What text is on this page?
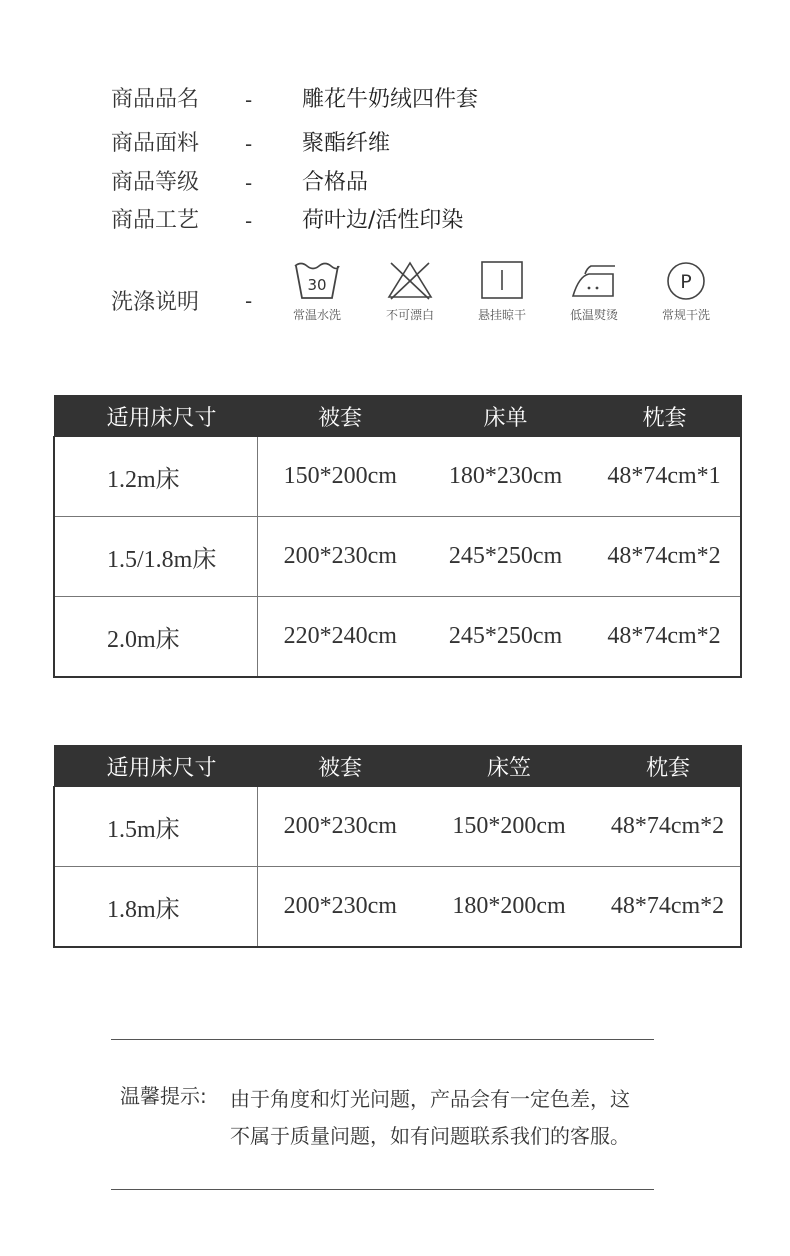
商品品名 - 雕花牛奶绒四件套
商品面料 - 聚酯纤维
商品等级 - 合格品
商品工艺 - 荷叶边/活性印染
洗涤说明 -
30
常温水洗	不可漂白	悬挂晾干	低温熨烫
P
常规干洗
适用床尺寸	被套	床单	枕套
1.2m床	150*200cm	180*230cm	48*74cm*1
1.5/1.8m床	200*230cm	245*250cm	48*74cm*2
2.0m床	220*240cm	245*250cm	48*74cm*2
适用床尺寸	被套	床笠	枕套
1.5m床	200*230cm	150*200cm	48*74cm*2
1.8m床	200*230cm	180*200cm	48*74cm*2
温馨提示: 由于角度和灯光问题，产品会有一定色差，这
不属于质量问题，如有问题联系我们的客服。
